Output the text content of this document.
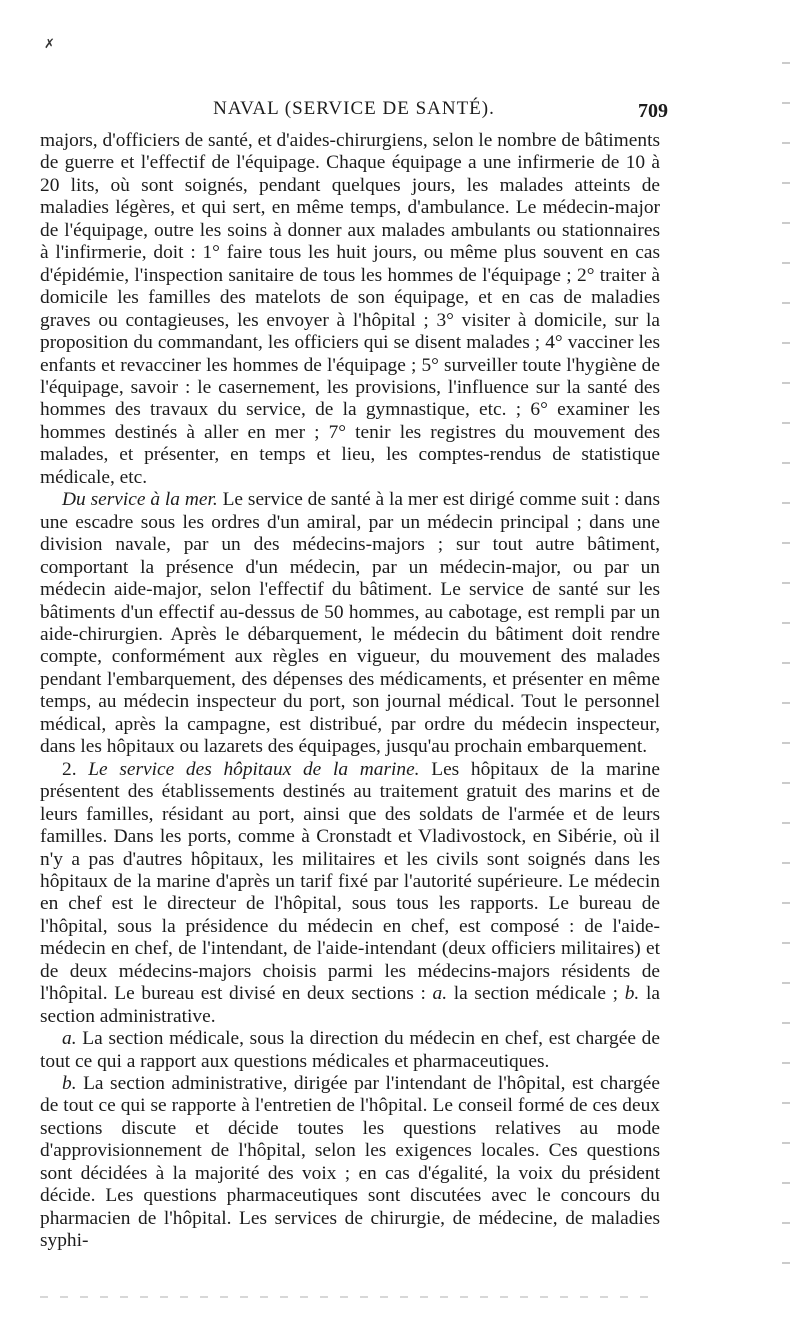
✗
NAVAL (SERVICE DE SANTÉ).	709

majors, d'officiers de santé, et d'aides-chirurgiens, selon le nombre de bâtiments de guerre et l'effectif de l'équipage. Chaque équipage a une infirmerie de 10 à 20 lits, où sont soignés, pendant quelques jours, les malades atteints de maladies légères, et qui sert, en même temps, d'ambulance. Le médecin-major de l'équipage, outre les soins à donner aux malades ambulants ou stationnaires à l'infirmerie, doit : 1° faire tous les huit jours, ou même plus souvent en cas d'épidémie, l'inspection sanitaire de tous les hommes de l'équipage ; 2° traiter à domicile les familles des matelots de son équipage, et en cas de maladies graves ou contagieuses, les envoyer à l'hôpital ; 3° visiter à domicile, sur la proposition du commandant, les officiers qui se disent malades ; 4° vacciner les enfants et revacciner les hommes de l'équipage ; 5° surveiller toute l'hygiène de l'équipage, savoir : le casernement, les provisions, l'influence sur la santé des hommes des travaux du service, de la gymnastique, etc. ; 6° examiner les hommes destinés à aller en mer ; 7° tenir les registres du mouvement des malades, et présenter, en temps et lieu, les comptes-rendus de statistique médicale, etc.

Du service à la mer. Le service de santé à la mer est dirigé comme suit : dans une escadre sous les ordres d'un amiral, par un médecin principal ; dans une division navale, par un des médecins-majors ; sur tout autre bâtiment, comportant la présence d'un médecin, par un médecin-major, ou par un médecin aide-major, selon l'effectif du bâtiment. Le service de santé sur les bâtiments d'un effectif au-dessus de 50 hommes, au cabotage, est rempli par un aide-chirurgien. Après le débarquement, le médecin du bâtiment doit rendre compte, conformément aux règles en vigueur, du mouvement des malades pendant l'embarquement, des dépenses des médicaments, et présenter en même temps, au médecin inspecteur du port, son journal médical. Tout le personnel médical, après la campagne, est distribué, par ordre du médecin inspecteur, dans les hôpitaux ou lazarets des équipages, jusqu'au prochain embarquement.

2. Le service des hôpitaux de la marine. Les hôpitaux de la marine présentent des établissements destinés au traitement gratuit des marins et de leurs familles, résidant au port, ainsi que des soldats de l'armée et de leurs familles. Dans les ports, comme à Cronstadt et Vladivostock, en Sibérie, où il n'y a pas d'autres hôpitaux, les militaires et les civils sont soignés dans les hôpitaux de la marine d'après un tarif fixé par l'autorité supérieure. Le médecin en chef est le directeur de l'hôpital, sous tous les rapports. Le bureau de l'hôpital, sous la présidence du médecin en chef, est composé : de l'aide-médecin en chef, de l'intendant, de l'aide-intendant (deux officiers militaires) et de deux médecins-majors choisis parmi les médecins-majors résidents de l'hôpital. Le bureau est divisé en deux sections : a. la section médicale ; b. la section administrative.

a. La section médicale, sous la direction du médecin en chef, est chargée de tout ce qui a rapport aux questions médicales et pharmaceutiques.

b. La section administrative, dirigée par l'intendant de l'hôpital, est chargée de tout ce qui se rapporte à l'entretien de l'hôpital. Le conseil formé de ces deux sections discute et décide toutes les questions relatives au mode d'approvisionnement de l'hôpital, selon les exigences locales. Ces questions sont décidées à la majorité des voix ; en cas d'égalité, la voix du président décide. Les questions pharmaceutiques sont discutées avec le concours du pharmacien de l'hôpital. Les services de chirurgie, de médecine, de maladies syphi-
